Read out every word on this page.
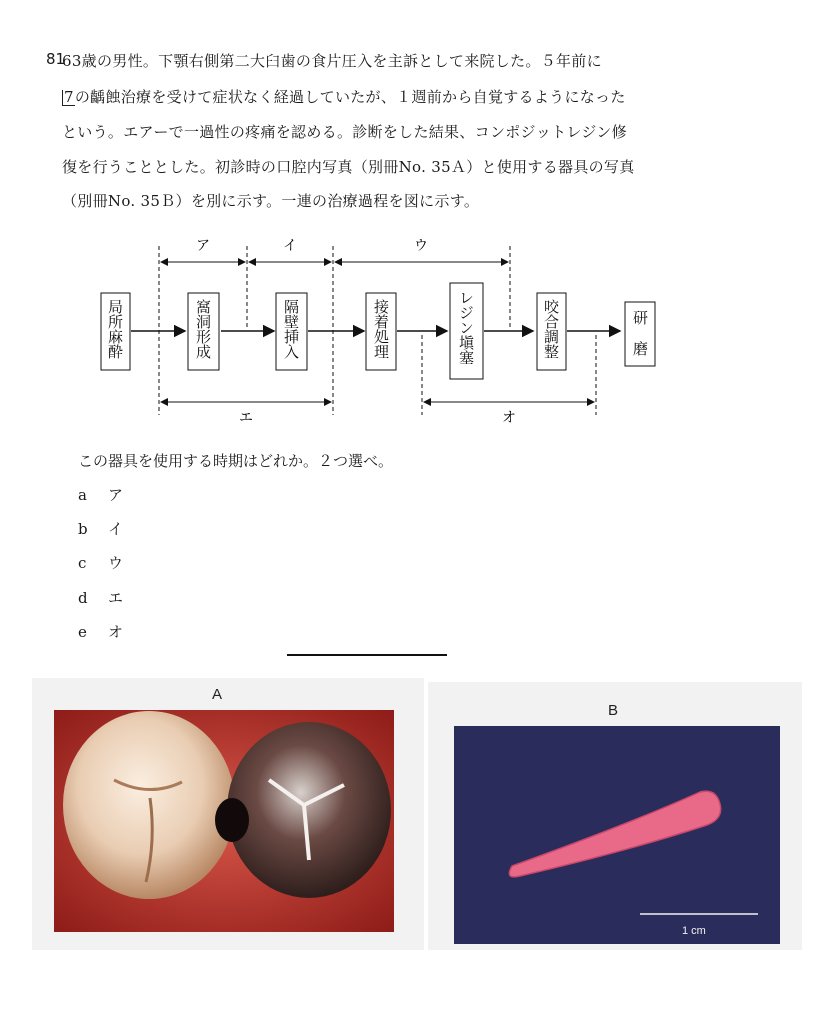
81
63歳の男性。下顎右側第二大臼歯の食片圧入を主訴として来院した。５年前に
7の齲蝕治療を受けて症状なく経過していたが、１週前から自覚するようになった
という。エアーで一過性の疼痛を認める。診断をした結果、コンポジットレジン修
復を行うこととした。初診時の口腔内写真（別冊No. 35Ａ）と使用する器具の写真
（別冊No. 35Ｂ）を別に示す。一連の治療過程を図に示す。
ア	イ	ウ
エ	オ
局所麻酔	窩洞形成	隔壁挿入	接着処理	レジン塡塞	咬合調整	研磨
この器具を使用する時期はどれか。２つ選べ。
a ア
b イ
c ウ
d エ
e オ
A
B
1 cm
